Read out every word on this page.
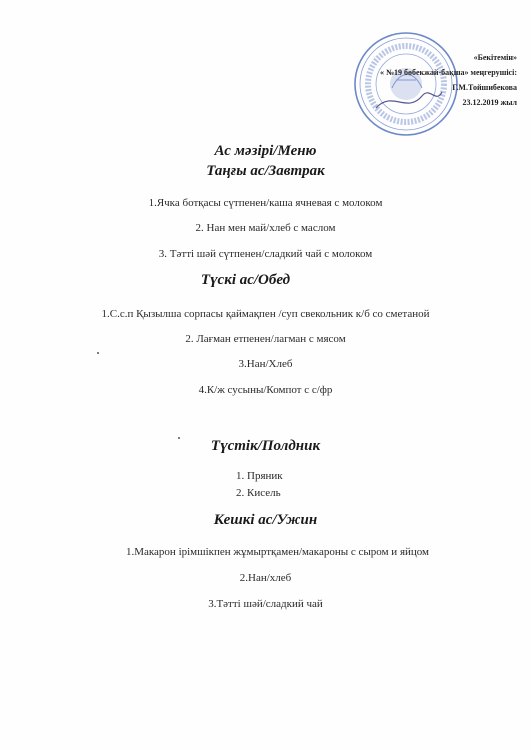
«Бекітемін»
« №19 бөбекжай-бақша» меңгерушісі:
Г.М.Тойшибекова
23.12.2019 жыл
Ас мәзірі/Меню
Таңғы ас/Завтрак
1.Ячка ботқасы сүтпенен/каша ячневая с молоком
2. Нан мен май/хлеб с маслом
3. Тәтті шәй сүтпенен/сладкий чай с молоком
Түскі ас/Обед
1.С.с.п Қызылша сорпасы қаймақпен /суп свекольник к/б со сметаной
2. Лағман етпенен/лагман с мясом
3.Нан/Хлеб
4.К/ж сусыны/Компот с с/фр
Түстік/Полдник
1. Пряник
2. Кисель
Кешкі ас/Ужин
1.Макарон ірімшікпен жұмыртқамен/макароны с сыром и яйцом
2.Нан/хлеб
3.Тәтті шәй/сладкий чай
